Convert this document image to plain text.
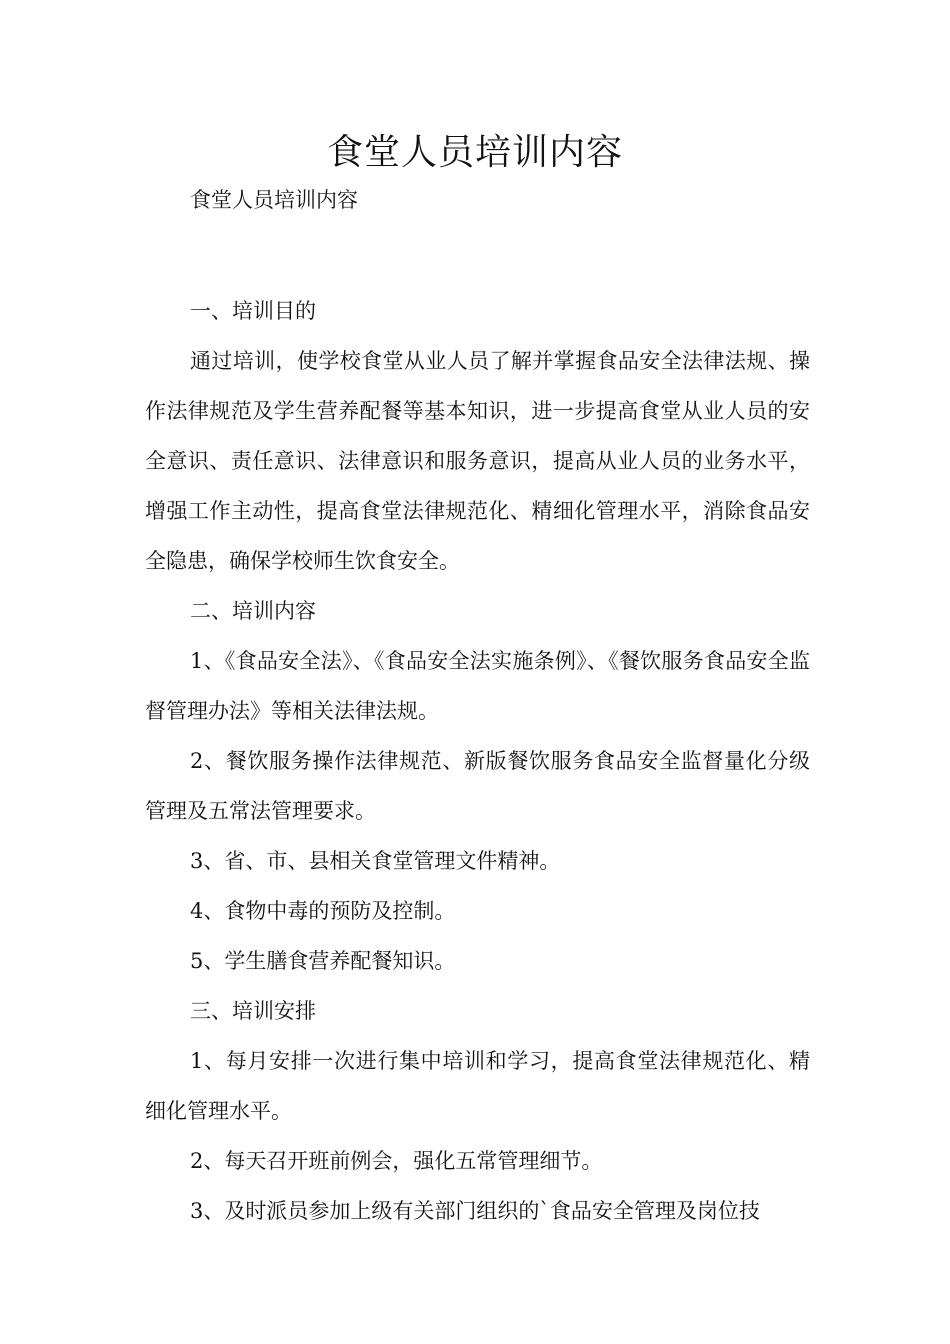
食堂人员培训内容

食堂人员培训内容

一、培训目的

通过培训，使学校食堂从业人员了解并掌握食品安全法律法规、操作法律规范及学生营养配餐等基本知识，进一步提高食堂从业人员的安全意识、责任意识、法律意识和服务意识，提高从业人员的业务水平，增强工作主动性，提高食堂法律规范化、精细化管理水平，消除食品安全隐患，确保学校师生饮食安全。

二、培训内容

1、《食品安全法》、《食品安全法实施条例》、《餐饮服务食品安全监督管理办法》等相关法律法规。

2、餐饮服务操作法律规范、新版餐饮服务食品安全监督量化分级管理及五常法管理要求。

3、省、市、县相关食堂管理文件精神。

4、食物中毒的预防及控制。

5、学生膳食营养配餐知识。

三、培训安排

1、每月安排一次进行集中培训和学习，提高食堂法律规范化、精细化管理水平。

2、每天召开班前例会，强化五常管理细节。

3、及时派员参加上级有关部门组织的`食品安全管理及岗位技
